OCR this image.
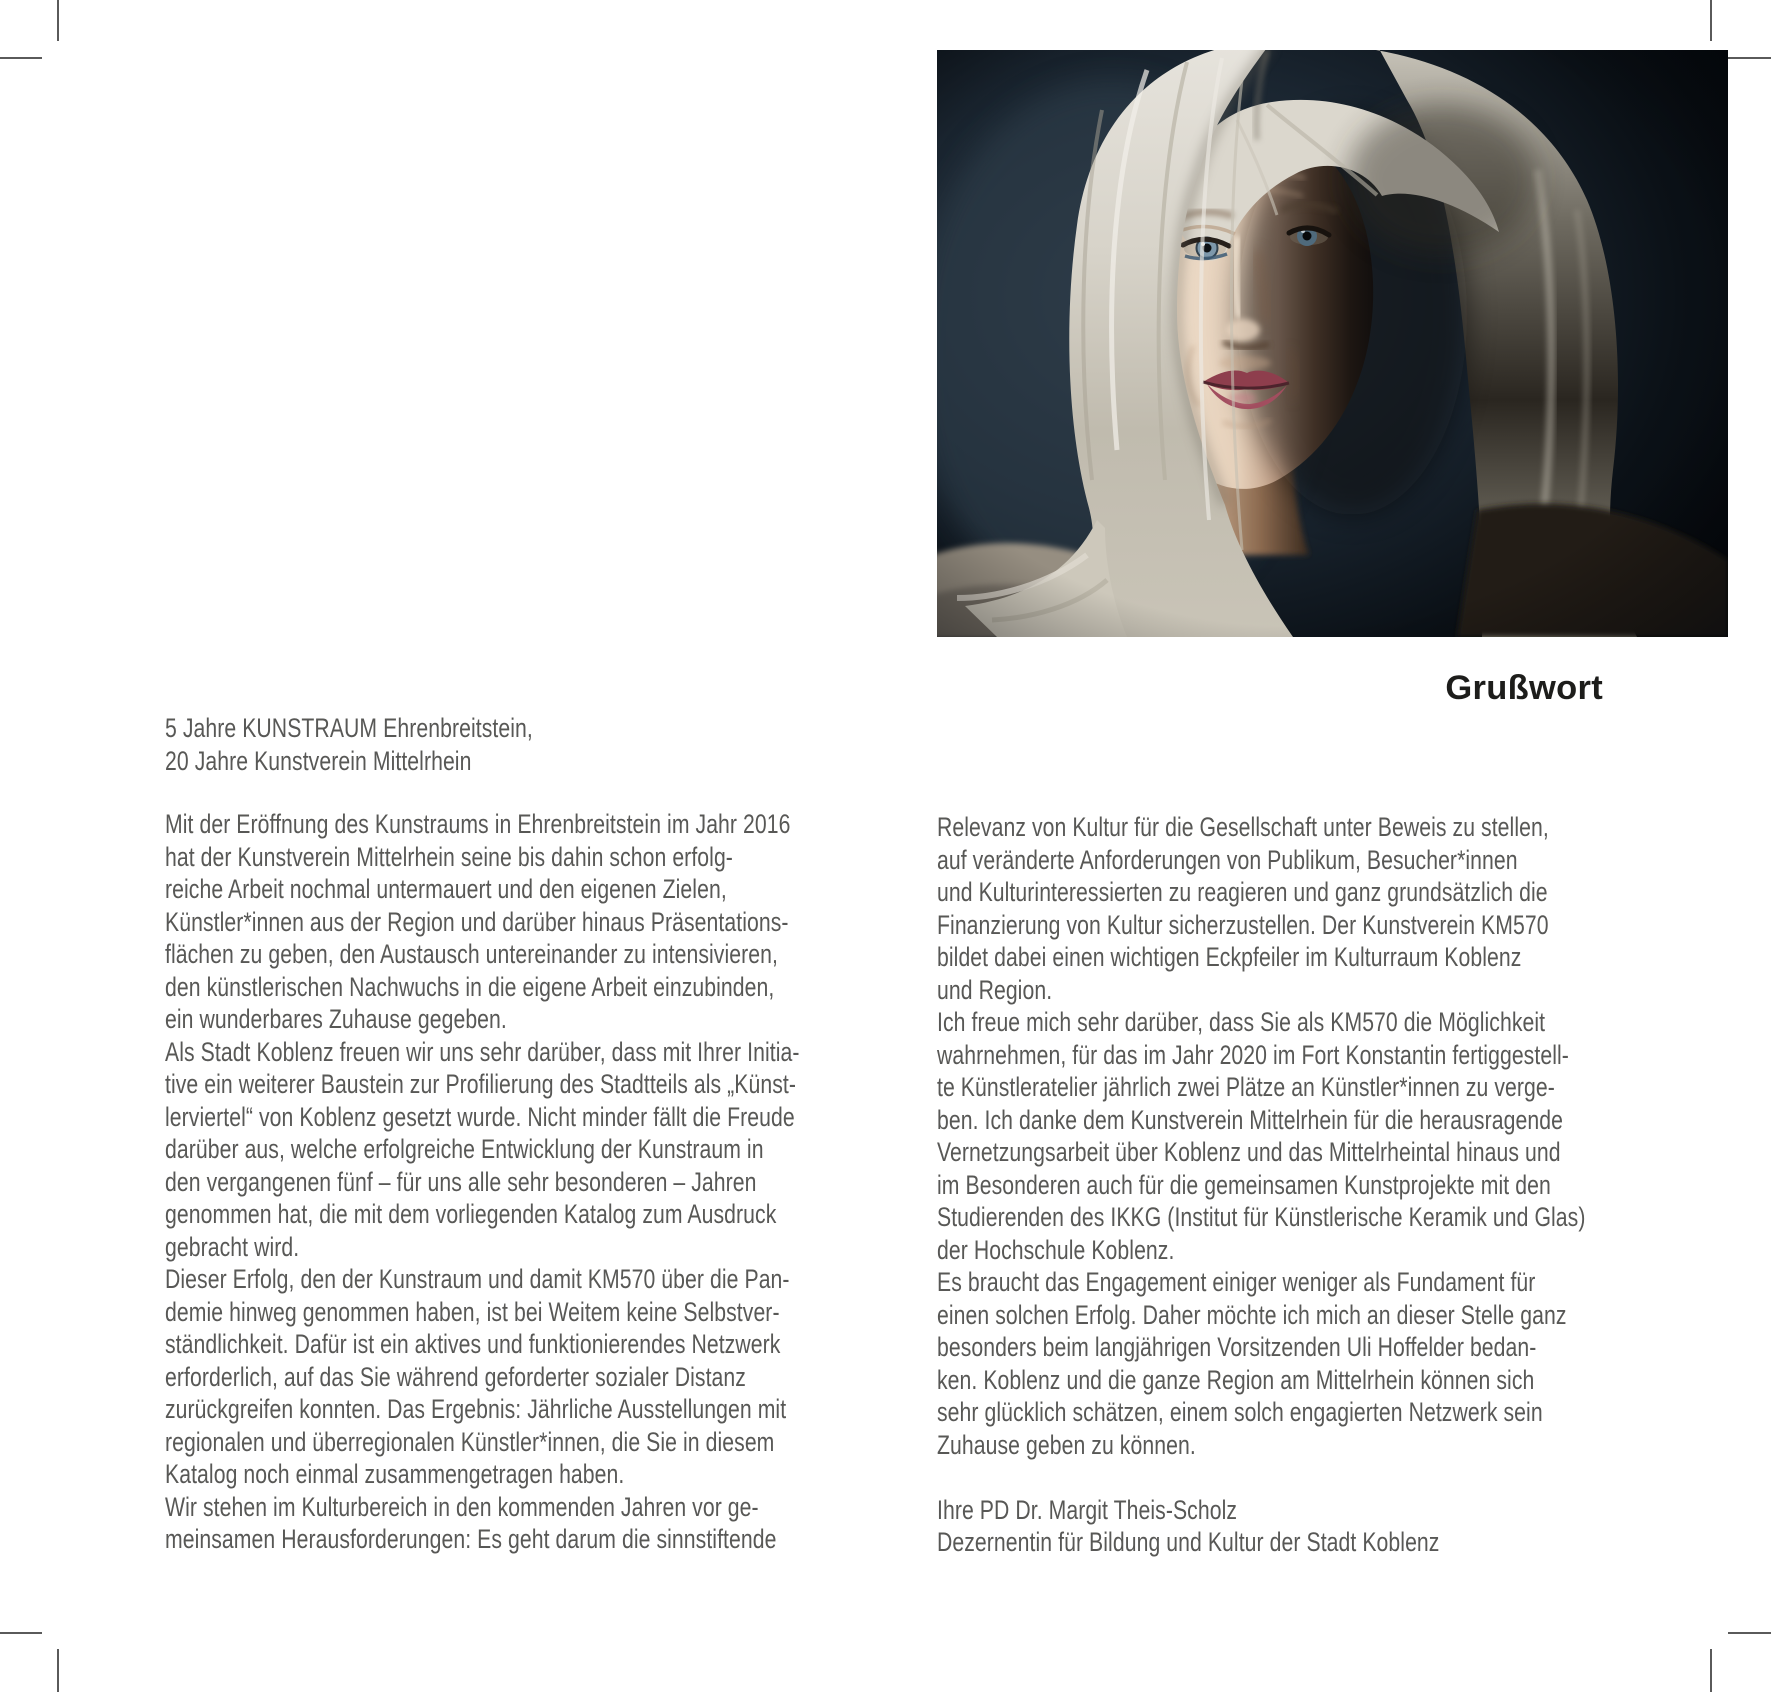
Grußwort
5 Jahre KUNSTRAUM Ehrenbreitstein,
20 Jahre Kunstverein Mittelrhein
Mit der Eröffnung des Kunstraums in Ehrenbreitstein im Jahr 2016
hat der Kunstverein Mittelrhein seine bis dahin schon erfolg-
reiche Arbeit nochmal untermauert und den eigenen Zielen,
Künstler*innen aus der Region und darüber hinaus Präsentations-
flächen zu geben, den Austausch untereinander zu intensivieren,
den künstlerischen Nachwuchs in die eigene Arbeit einzubinden,
ein wunderbares Zuhause gegeben.
Als Stadt Koblenz freuen wir uns sehr darüber, dass mit Ihrer Initia-
tive ein weiterer Baustein zur Profilierung des Stadtteils als „Künst-
lerviertel“ von Koblenz gesetzt wurde. Nicht minder fällt die Freude
darüber aus, welche erfolgreiche Entwicklung der Kunstraum in
den vergangenen fünf – für uns alle sehr besonderen – Jahren
genommen hat, die mit dem vorliegenden Katalog zum Ausdruck
gebracht wird.
Dieser Erfolg, den der Kunstraum und damit KM570 über die Pan-
demie hinweg genommen haben, ist bei Weitem keine Selbstver-
ständlichkeit. Dafür ist ein aktives und funktionierendes Netzwerk
erforderlich, auf das Sie während geforderter sozialer Distanz
zurückgreifen konnten. Das Ergebnis: Jährliche Ausstellungen mit
regionalen und überregionalen Künstler*innen, die Sie in diesem
Katalog noch einmal zusammengetragen haben.
Wir stehen im Kulturbereich in den kommenden Jahren vor ge-
meinsamen Herausforderungen: Es geht darum die sinnstiftende
Relevanz von Kultur für die Gesellschaft unter Beweis zu stellen,
auf veränderte Anforderungen von Publikum, Besucher*innen
und Kulturinteressierten zu reagieren und ganz grundsätzlich die
Finanzierung von Kultur sicherzustellen. Der Kunstverein KM570
bildet dabei einen wichtigen Eckpfeiler im Kulturraum Koblenz
und Region.
Ich freue mich sehr darüber, dass Sie als KM570 die Möglichkeit
wahrnehmen, für das im Jahr 2020 im Fort Konstantin fertiggestell-
te Künstleratelier jährlich zwei Plätze an Künstler*innen zu verge-
ben. Ich danke dem Kunstverein Mittelrhein für die herausragende
Vernetzungsarbeit über Koblenz und das Mittelrheintal hinaus und
im Besonderen auch für die gemeinsamen Kunstprojekte mit den
Studierenden des IKKG (Institut für Künstlerische Keramik und Glas)
der Hochschule Koblenz.
Es braucht das Engagement einiger weniger als Fundament für
einen solchen Erfolg. Daher möchte ich mich an dieser Stelle ganz
besonders beim langjährigen Vorsitzenden Uli Hoffelder bedan-
ken. Koblenz und die ganze Region am Mittelrhein können sich
sehr glücklich schätzen, einem solch engagierten Netzwerk sein
Zuhause geben zu können.
Ihre PD Dr. Margit Theis-Scholz
Dezernentin für Bildung und Kultur der Stadt Koblenz
